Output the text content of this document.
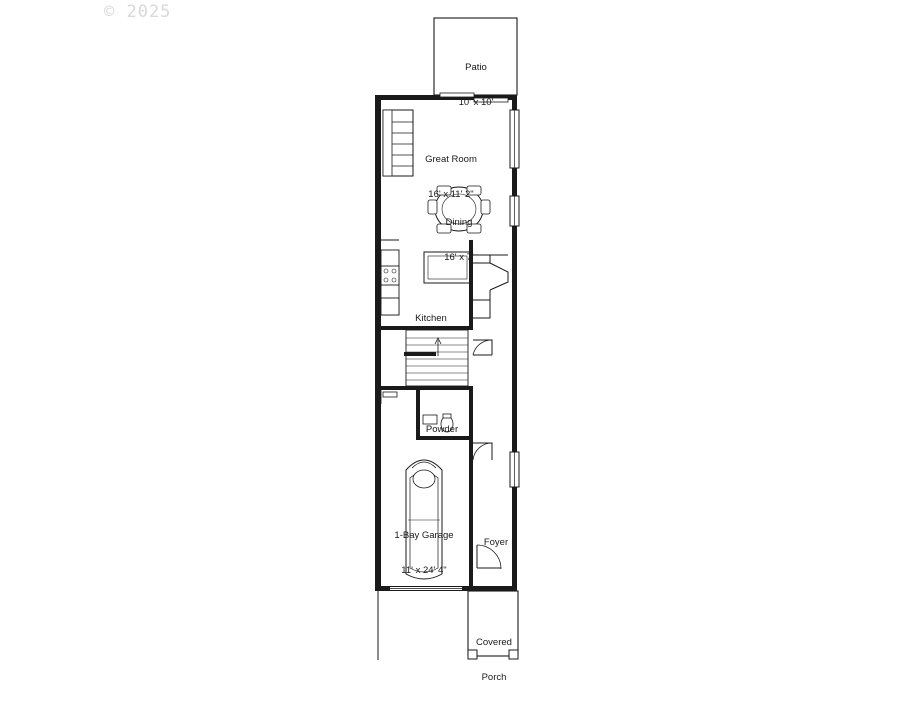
© 2025

Patio

10' x 10'

Great Room

16' x 11' 2"

Dining

16' x 7'

Kitchen

Powder

1-Bay Garage

11' x 24' 4"

Foyer

Covered

Porch
